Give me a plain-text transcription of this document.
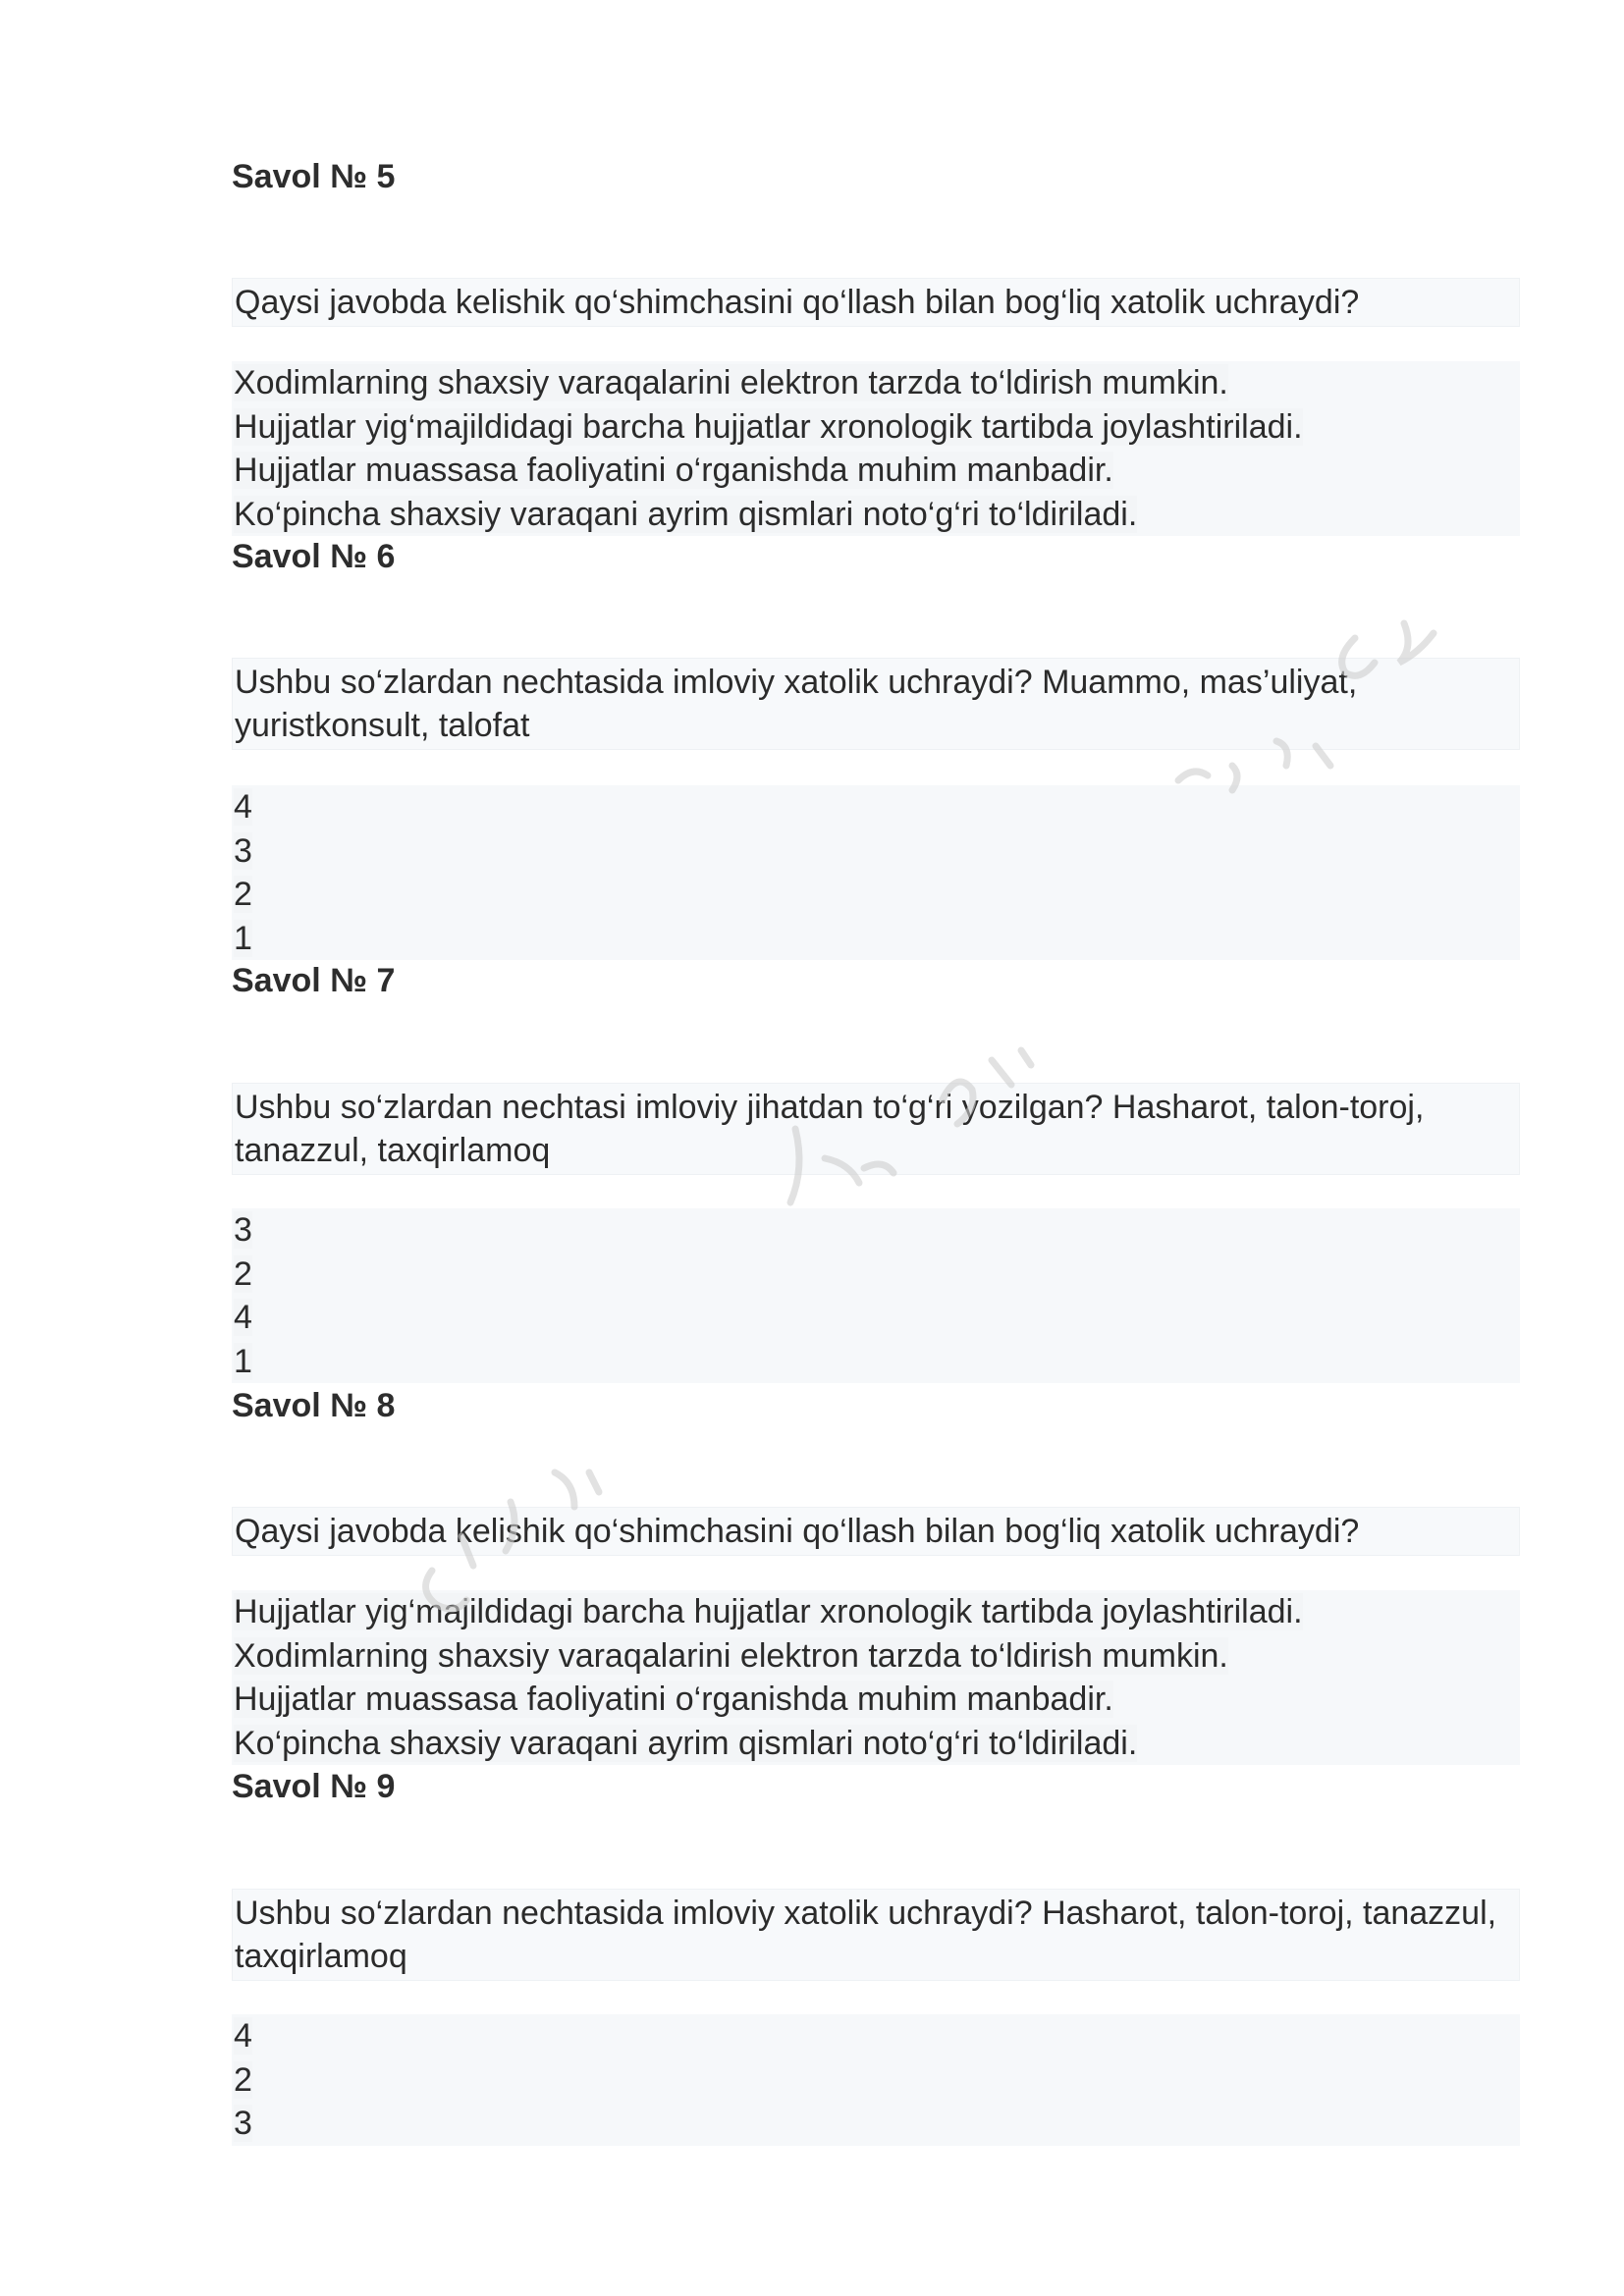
Savol № 5
Qaysi javobda kelishik qo‘shimchasini qo‘llash bilan bog‘liq xatolik uchraydi?
Xodimlarning shaxsiy varaqalarini elektron tarzda to‘ldirish mumkin.
Hujjatlar yig‘majildidagi barcha hujjatlar xronologik tartibda joylashtiriladi.
Hujjatlar muassasa faoliyatini o‘rganishda muhim manbadir.
Ko‘pincha shaxsiy varaqani ayrim qismlari noto‘g‘ri to‘ldiriladi.
Savol № 6
Ushbu so‘zlardan nechtasida imloviy xatolik uchraydi? Muammo, mas’uliyat, yuristkonsult, talofat
4
3
2
1
Savol № 7
Ushbu so‘zlardan nechtasi imloviy jihatdan to‘g‘ri yozilgan? Hasharot, talon-toroj, tanazzul, taxqirlamoq
3
2
4
1
Savol № 8
Qaysi javobda kelishik qo‘shimchasini qo‘llash bilan bog‘liq xatolik uchraydi?
Hujjatlar yig‘majildidagi barcha hujjatlar xronologik tartibda joylashtiriladi.
Xodimlarning shaxsiy varaqalarini elektron tarzda to‘ldirish mumkin.
Hujjatlar muassasa faoliyatini o‘rganishda muhim manbadir.
Ko‘pincha shaxsiy varaqani ayrim qismlari noto‘g‘ri to‘ldiriladi.
Savol № 9
Ushbu so‘zlardan nechtasida imloviy xatolik uchraydi? Hasharot, talon-toroj, tanazzul, taxqirlamoq
4
2
3
